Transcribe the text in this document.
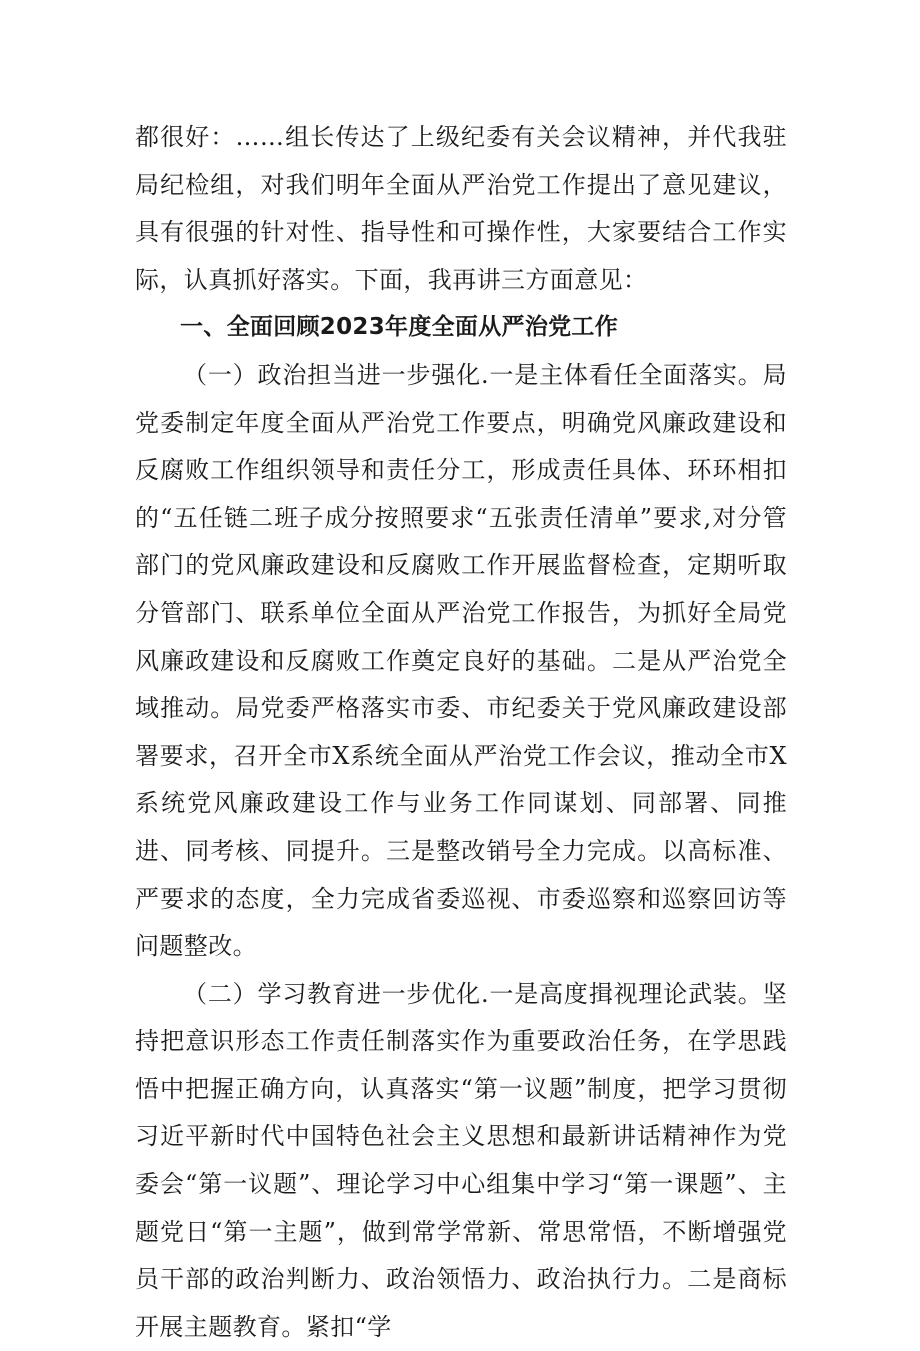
都很好：……组长传达了上级纪委有关会议精神，并代我驻局纪检组，对我们明年全面从严治党工作提出了意见建议，具有很强的针对性、指导性和可操作性，大家要结合工作实际，认真抓好落实。下面，我再讲三方面意见：

一、全面回顾2023年度全面从严治党工作

（一）政治担当进一步强化.一是主体看任全面落实。局党委制定年度全面从严治党工作要点，明确党风廉政建设和反腐败工作组织领导和责任分工，形成责任具体、环环相扣的“五任链二班子成分按照要求“五张责任清单”要求,对分管部门的党风廉政建设和反腐败工作开展监督检查，定期听取分管部门、联系单位全面从严治党工作报告，为抓好全局党风廉政建设和反腐败工作奠定良好的基础。二是从严治党全域推动。局党委严格落实市委、市纪委关于党风廉政建设部署要求，召开全市X系统全面从严治党工作会议，推动全市X系统党风廉政建设工作与业务工作同谋划、同部署、同推进、同考核、同提升。三是整改销号全力完成。以高标准、严要求的态度，全力完成省委巡视、市委巡察和巡察回访等问题整改。

（二）学习教育进一步优化.一是高度揖视理论武装。坚持把意识形态工作责任制落实作为重要政治任务，在学思践悟中把握正确方向，认真落实“第一议题”制度，把学习贯彻习近平新时代中国特色社会主义思想和最新讲话精神作为党委会“第一议题”、理论学习中心组集中学习“第一课题”、主题党日“第一主题”，做到常学常新、常思常悟，不断增强党员干部的政治判断力、政治领悟力、政治执行力。二是商标开展主题教育。紧扣“学
